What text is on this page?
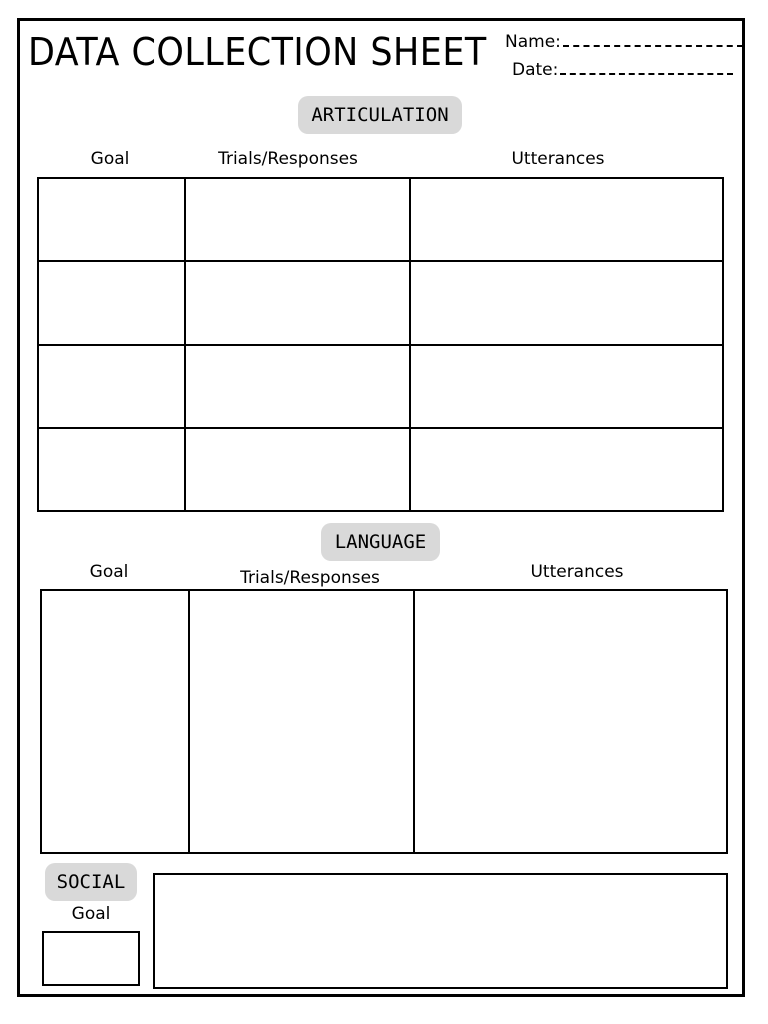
DATA COLLECTION SHEET Name:
Date:
ARTICULATION
Goal	Trials/Responses	Utterances

LANGUAGE
Goal	Trials/Responses	Utterances

SOCIAL
Goal
